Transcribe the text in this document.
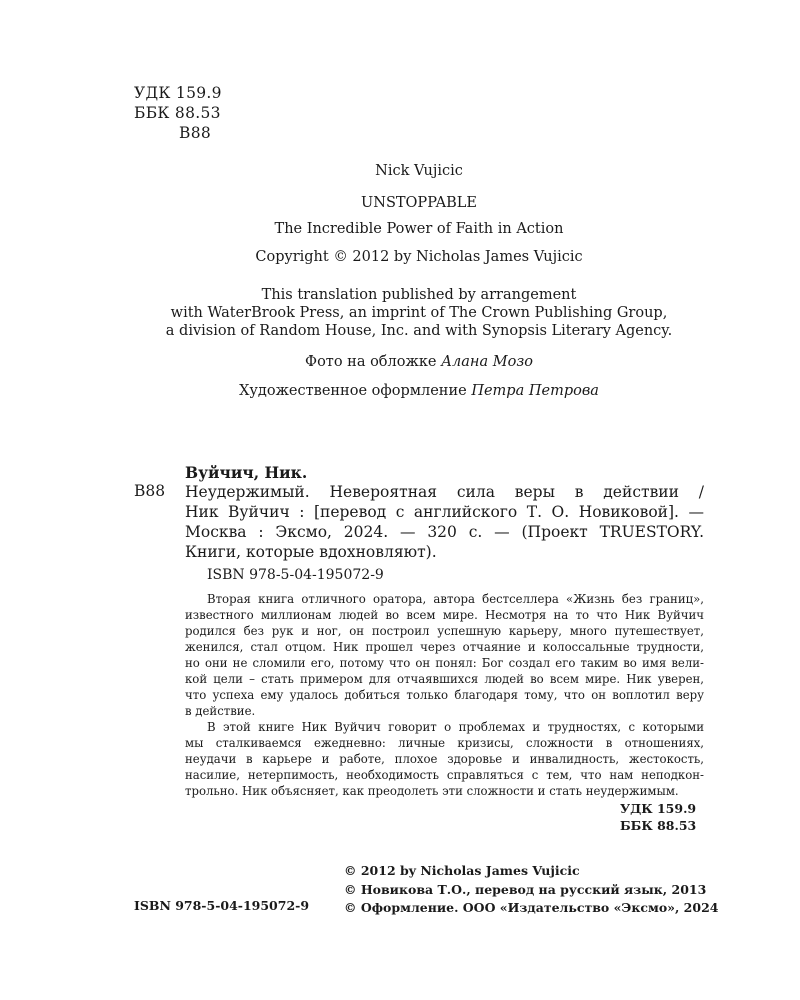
УДК 159.9
ББК 88.53
В88
Nick Vujicic
UNSTOPPABLE
The Incredible Power of Faith in Action
Copyright © 2012 by Nicholas James Vujicic
This translation published by arrangement
with WaterBrook Press, an imprint of The Crown Publishing Group,
a division of Random House, Inc. and with Synopsis Literary Agency.
Фото на обложке Алана Мозо
Художественное оформление Петра Петрова
Вуйчич, Ник.
В88 Неудержимый. Невероятная сила веры в действии /
Ник Вуйчич : [перевод с английского Т. О. Новиковой]. —
Москва : Эксмо, 2024. — 320 с. — (Проект TRUESTORY.
Книги, которые вдохновляют).
ISBN 978-5-04-195072-9
Вторая книга отличного оратора, автора бестселлера «Жизнь без границ»,
известного миллионам людей во всем мире. Несмотря на то что Ник Вуйчич
родился без рук и ног, он построил успешную карьеру, много путешествует,
женился, стал отцом. Ник прошел через отчаяние и колоссальные трудности,
но они не сломили его, потому что он понял: Бог создал его таким во имя вели-
кой цели – стать примером для отчаявшихся людей во всем мире. Ник уверен,
что успеха ему удалось добиться только благодаря тому, что он воплотил веру
в действие.
В этой книге Ник Вуйчич говорит о проблемах и трудностях, с которыми
мы сталкиваемся ежедневно: личные кризисы, сложности в отношениях,
неудачи в карьере и работе, плохое здоровье и инвалидность, жестокость,
насилие, нетерпимость, необходимость справляться с тем, что нам неподкон-
трольно. Ник объясняет, как преодолеть эти сложности и стать неудержимым.
УДК 159.9
ББК 88.53
© 2012 by Nicholas James Vujicic
© Новикова Т.О., перевод на русский язык, 2013
© Оформление. ООО «Издательство «Эксмо», 2024
ISBN 978-5-04-195072-9
